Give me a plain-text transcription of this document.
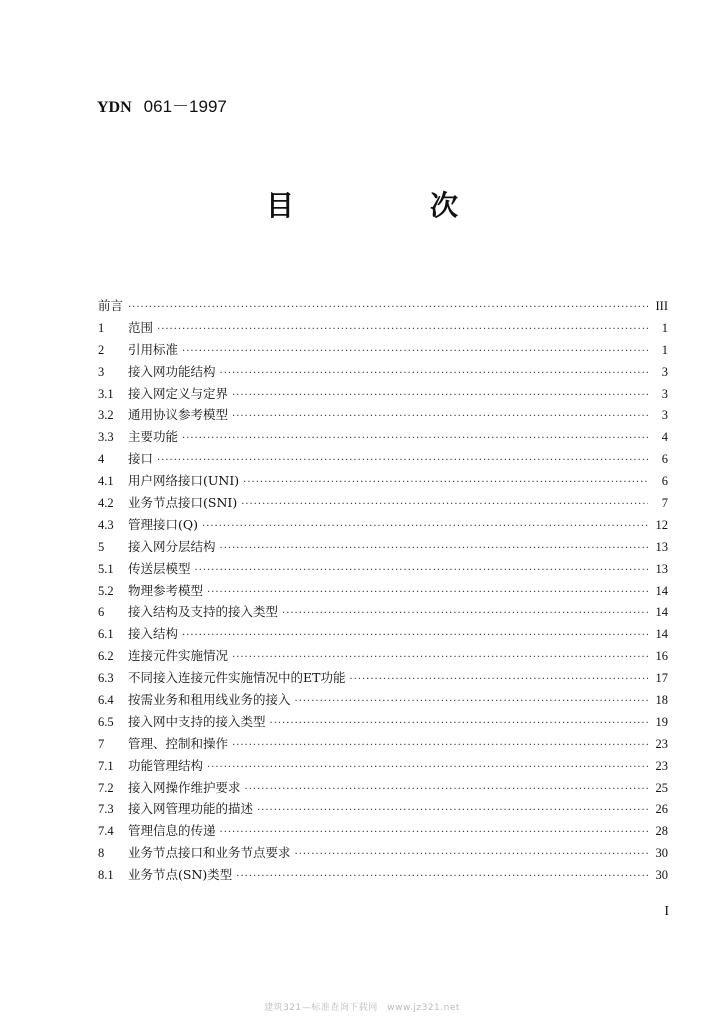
YDN 061－1997
目　次
前言 ·····	III
1	范围 ·····	1
2	引用标准 ·····	1
3	接入网功能结构 ·····	3
3.1	接入网定义与定界 ·····	3
3.2	通用协议参考模型 ·····	3
3.3	主要功能 ·····	4
4	接口 ·····	6
4.1	用户网络接口(UNI) ·····	6
4.2	业务节点接口(SNI) ·····	7
4.3	管理接口(Q) ·····	12
5	接入网分层结构 ·····	13
5.1	传送层模型 ·····	13
5.2	物理参考模型 ·····	14
6	接入结构及支持的接入类型 ·····	14
6.1	接入结构 ·····	14
6.2	连接元件实施情况 ·····	16
6.3	不同接入连接元件实施情况中的ET功能 ·····	17
6.4	按需业务和租用线业务的接入 ·····	18
6.5	接入网中支持的接入类型 ·····	19
7	管理、控制和操作 ·····	23
7.1	功能管理结构 ·····	23
7.2	接入网操作维护要求 ·····	25
7.3	接入网管理功能的描述 ·····	26
7.4	管理信息的传递 ·····	28
8	业务节点接口和业务节点要求 ·····	30
8.1	业务节点(SN)类型 ·····	30
I
建筑321—标准查询下载网　www.jz321.net
